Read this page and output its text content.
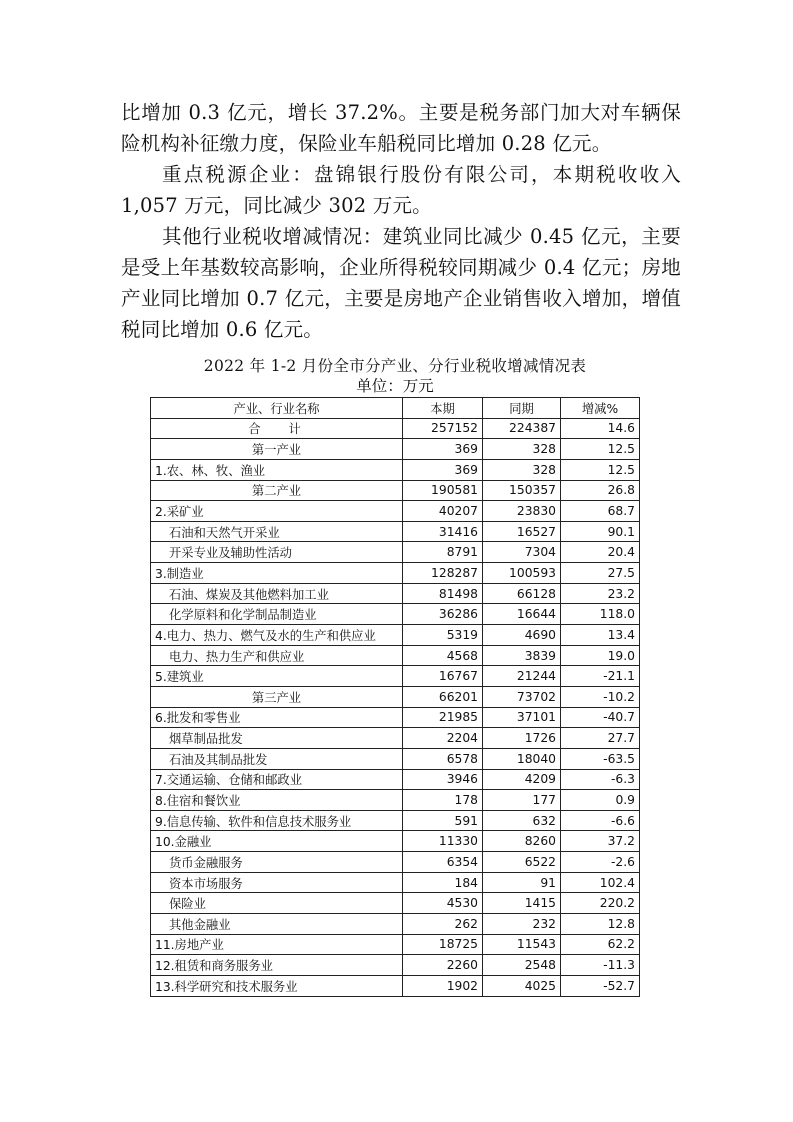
比增加 0.3 亿元，增长 37.2%。主要是税务部门加大对车辆保险机构补征缴力度，保险业车船税同比增加 0.28 亿元。

重点税源企业：盘锦银行股份有限公司，本期税收收入1,057 万元，同比减少 302 万元。

其他行业税收增减情况：建筑业同比减少 0.45 亿元，主要是受上年基数较高影响，企业所得税较同期减少 0.4 亿元；房地产业同比增加 0.7 亿元，主要是房地产企业销售收入增加，增值税同比增加 0.6 亿元。

2022 年 1-2 月份全市分产业、分行业税收增减情况表
单位：万元
产业、行业名称	本期	同期	增减%
合计	257152	224387	14.6
第一产业	369	328	12.5
1.农、林、牧、渔业	369	328	12.5
第二产业	190581	150357	26.8
2.采矿业	40207	23830	68.7
石油和天然气开采业	31416	16527	90.1
开采专业及辅助性活动	8791	7304	20.4
3.制造业	128287	100593	27.5
石油、煤炭及其他燃料加工业	81498	66128	23.2
化学原料和化学制品制造业	36286	16644	118.0
4.电力、热力、燃气及水的生产和供应业	5319	4690	13.4
电力、热力生产和供应业	4568	3839	19.0
5.建筑业	16767	21244	-21.1
第三产业	66201	73702	-10.2
6.批发和零售业	21985	37101	-40.7
烟草制品批发	2204	1726	27.7
石油及其制品批发	6578	18040	-63.5
7.交通运输、仓储和邮政业	3946	4209	-6.3
8.住宿和餐饮业	178	177	0.9
9.信息传输、软件和信息技术服务业	591	632	-6.6
10.金融业	11330	8260	37.2
货币金融服务	6354	6522	-2.6
资本市场服务	184	91	102.4
保险业	4530	1415	220.2
其他金融业	262	232	12.8
11.房地产业	18725	11543	62.2
12.租赁和商务服务业	2260	2548	-11.3
13.科学研究和技术服务业	1902	4025	-52.7
